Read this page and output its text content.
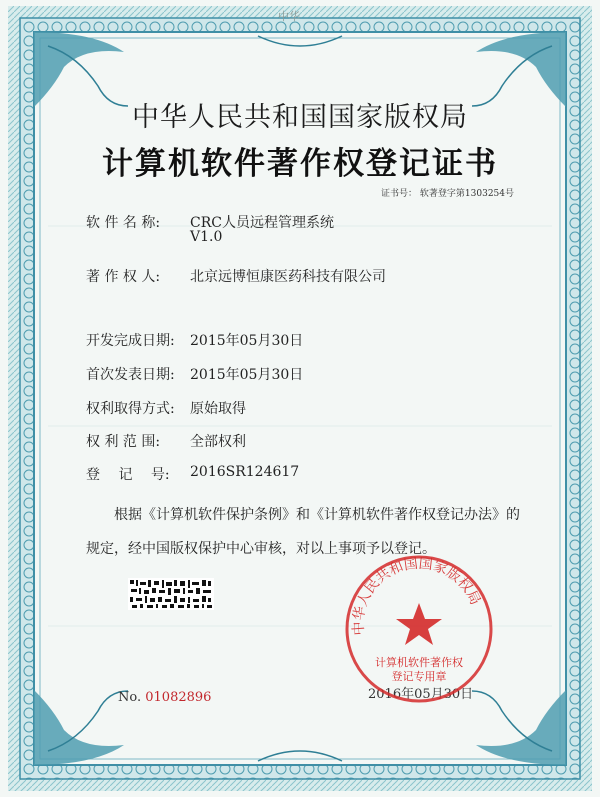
中华
中华人民共和国国家版权局
计算机软件著作权登记证书
证书号： 软著登字第1303254号
软 件 名 称: CRC人员远程管理系统
V1.0
著 作 权 人: 北京远博恒康医药科技有限公司
开发完成日期: 2015年05月30日
首次发表日期: 2015年05月30日
权利取得方式: 原始取得
权 利 范 围: 全部权利
登　 记 　号: 2016SR124617
根据《计算机软件保护条例》和《计算机软件著作权登记办法》的
规定，经中国版权保护中心审核，对以上事项予以登记。
No. 01082896	2016年05月30日
中华人民共和国国家版权局
计算机软件著作权
登记专用章
